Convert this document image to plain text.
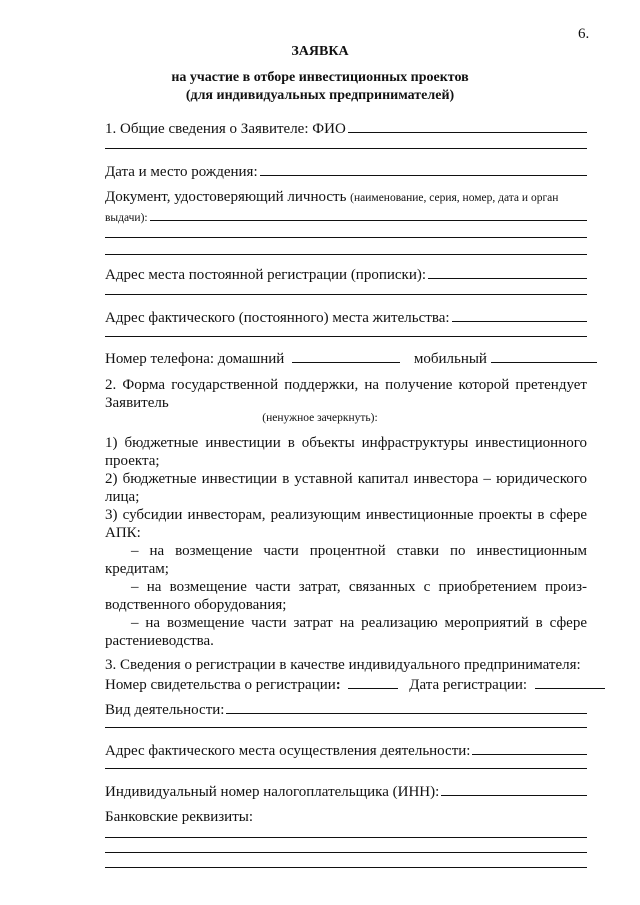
6.
ЗАЯВКА
на участие в отборе инвестиционных проектов
(для индивидуальных предпринимателей)
1. Общие сведения о Заявителе: ФИО
Дата и место рождения:
Документ, удостоверяющий личность (наименование, серия, номер, дата и орган
выдачи):
Адрес места постоянной регистрации (прописки):
Адрес фактического (постоянного) места жительства:
Номер телефона: домашний	мобильный
2. Форма государственной поддержки, на получение которой претендует
Заявитель
(ненужное зачеркнуть):
1) бюджетные инвестиции в объекты инфраструктуры инвестиционного
проекта;
2) бюджетные инвестиции в уставной капитал инвестора – юридического
лица;
3) субсидии инвесторам, реализующим инвестиционные проекты в сфере
АПК:
– на возмещение части процентной ставки по инвестиционным
кредитам;
– на возмещение части затрат, связанных с приобретением произ-
водственного оборудования;
– на возмещение части затрат на реализацию мероприятий в сфере
растениеводства.
3. Сведения о регистрации в качестве индивидуального предпринимателя:
Номер свидетельства о регистрации:	Дата регистрации:
Вид деятельности:
Адрес фактического места осуществления деятельности:
Индивидуальный номер налогоплательщика (ИНН):
Банковские реквизиты:
